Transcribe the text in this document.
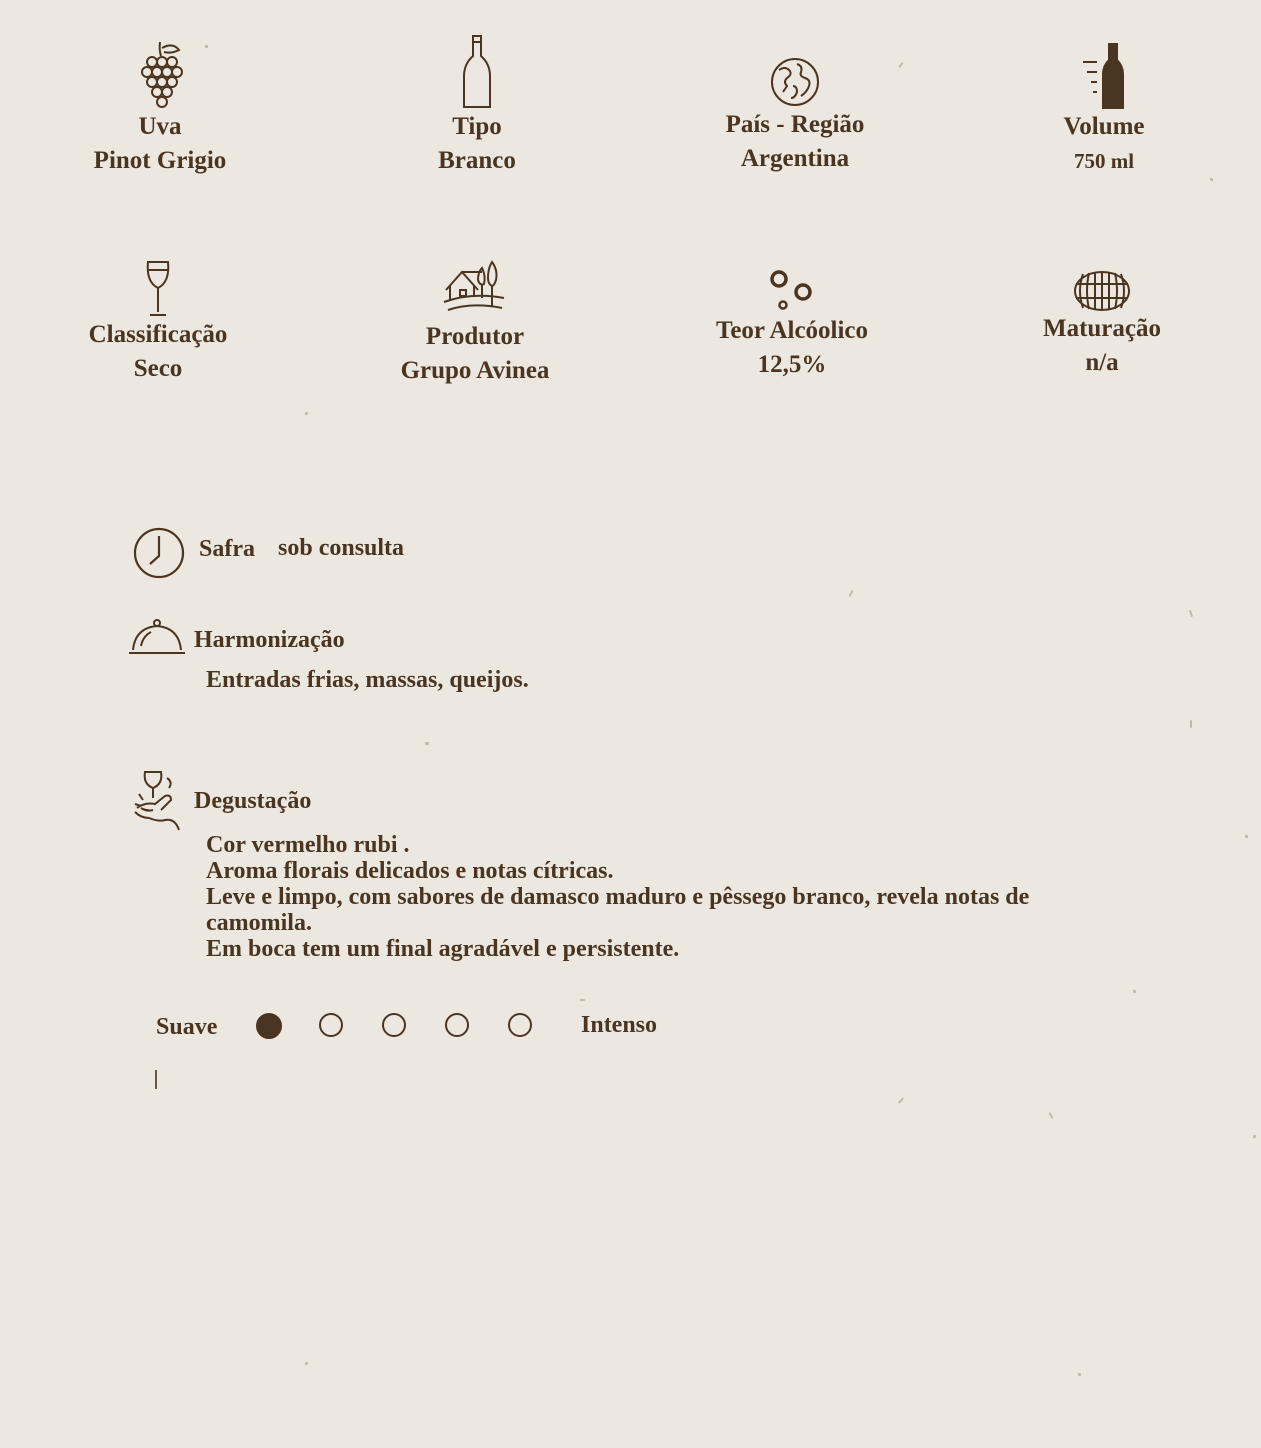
Uva
Pinot Grigio
Tipo
Branco
País - Região
Argentina
Volume
750 ml
Classificação
Seco
Produtor
Grupo Avinea
Teor Alcóolico
12,5%
Maturação
n/a
Safra sob consulta
Harmonização
Entradas frias, massas, queijos.
Degustação
Cor vermelho rubi .
Aroma florais delicados e notas cítricas.
Leve e limpo, com sabores de damasco maduro e pêssego branco, revela notas de
camomila.
Em boca tem um final agradável e persistente.
Suave	Intenso
